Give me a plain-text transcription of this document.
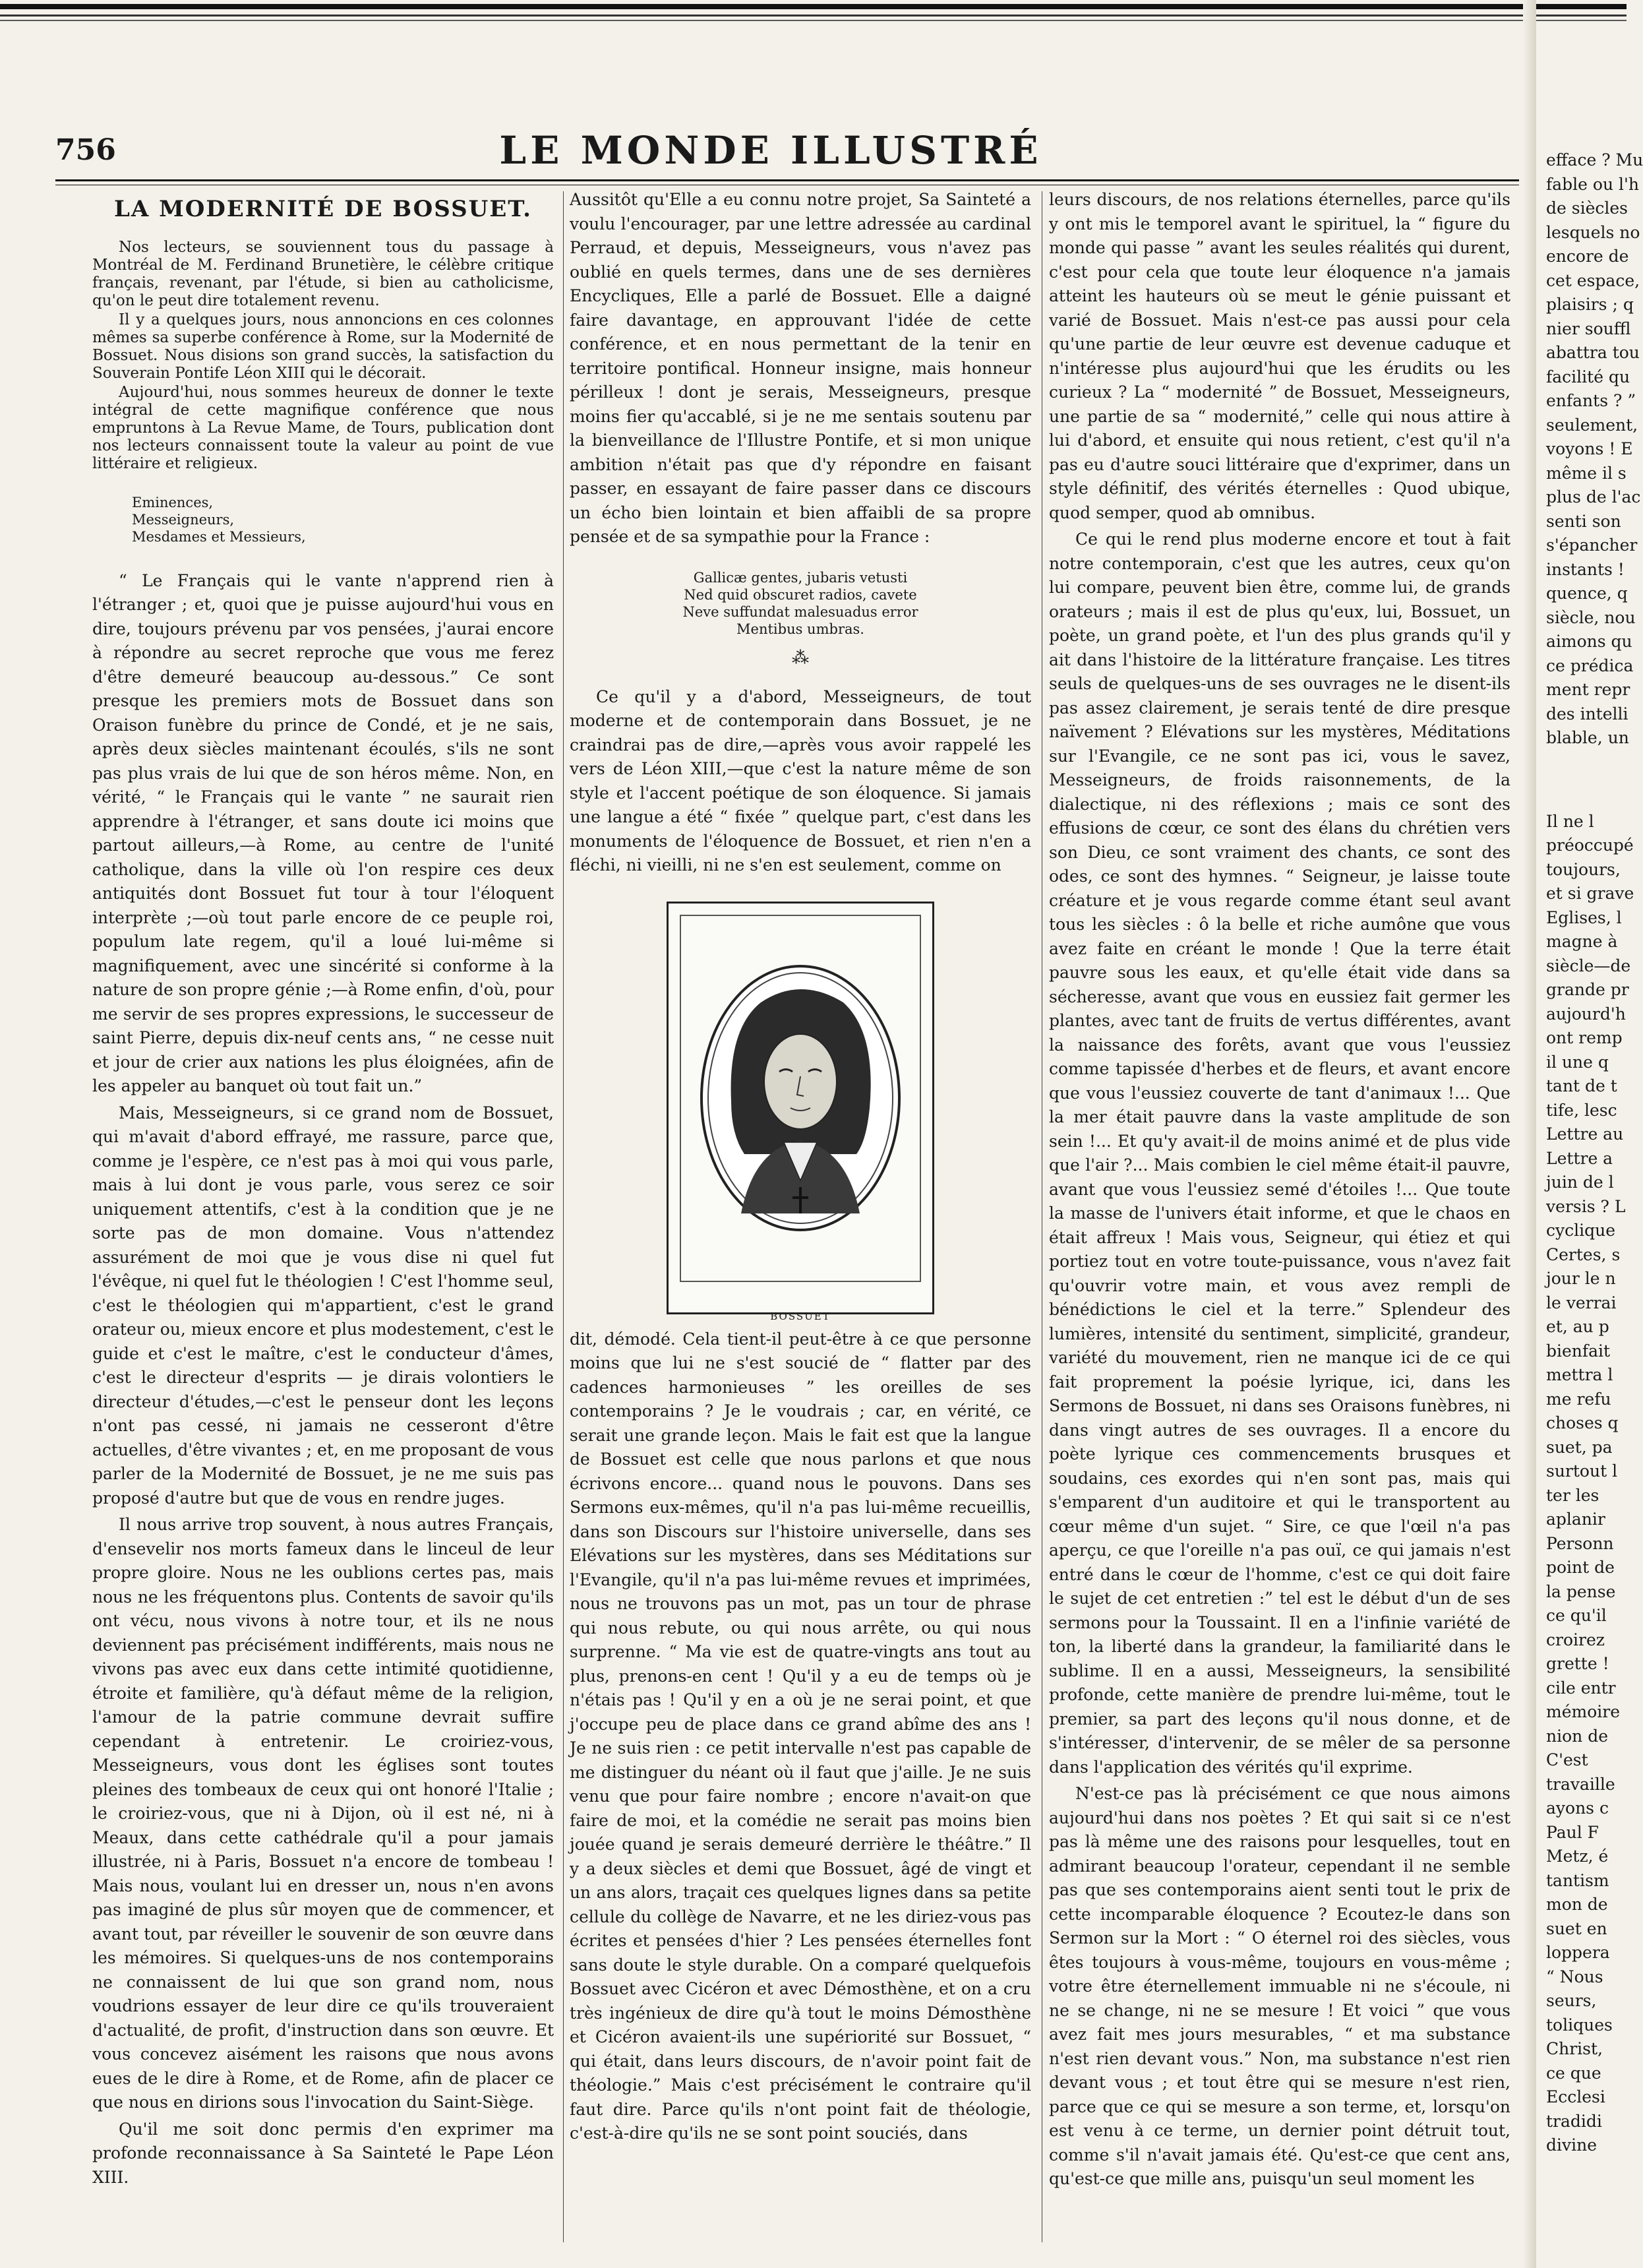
756	LE MONDE ILLUSTRÉ
LA MODERNITÉ DE BOSSUET.

Nos lecteurs, se souviennent tous du passage à Montréal de M. Ferdinand Brunetière, le célèbre critique français, revenant, par l'étude, si bien au catholicisme, qu'on le peut dire totalement revenu.

Il y a quelques jours, nous annoncions en ces colonnes mêmes sa superbe conférence à Rome, sur la Modernité de Bossuet. Nous disions son grand succès, la satisfaction du Souverain Pontife Léon XIII qui le décorait.

Aujourd'hui, nous sommes heureux de donner le texte intégral de cette magnifique conférence que nous empruntons à La Revue Mame, de Tours, publication dont nos lecteurs connaissent toute la valeur au point de vue littéraire et religieux.

Eminences,
Messeigneurs,
Mesdames et Messieurs,

“ Le Français qui le vante n'apprend rien à l'étranger ; et, quoi que je puisse aujourd'hui vous en dire, toujours prévenu par vos pensées, j'aurai encore à répondre au secret reproche que vous me ferez d'être demeuré beaucoup au-dessous.” Ce sont presque les premiers mots de Bossuet dans son Oraison funèbre du prince de Condé, et je ne sais, après deux siècles maintenant écoulés, s'ils ne sont pas plus vrais de lui que de son héros même. Non, en vérité, “ le Français qui le vante ” ne saurait rien apprendre à l'étranger, et sans doute ici moins que partout ailleurs,—à Rome, au centre de l'unité catholique, dans la ville où l'on respire ces deux antiquités dont Bossuet fut tour à tour l'éloquent interprète ;—où tout parle encore de ce peuple roi, populum late regem, qu'il a loué lui-même si magnifiquement, avec une sincérité si conforme à la nature de son propre génie ;—à Rome enfin, d'où, pour me servir de ses propres expressions, le successeur de saint Pierre, depuis dix-neuf cents ans, “ ne cesse nuit et jour de crier aux nations les plus éloignées, afin de les appeler au banquet où tout fait un.”

Mais, Messeigneurs, si ce grand nom de Bossuet, qui m'avait d'abord effrayé, me rassure, parce que, comme je l'espère, ce n'est pas à moi qui vous parle, mais à lui dont je vous parle, vous serez ce soir uniquement attentifs, c'est à la condition que je ne sorte pas de mon domaine. Vous n'attendez assurément de moi que je vous dise ni quel fut l'évêque, ni quel fut le théologien ! C'est l'homme seul, c'est le théologien qui m'appartient, c'est le grand orateur ou, mieux encore et plus modestement, c'est le guide et c'est le maître, c'est le conducteur d'âmes, c'est le directeur d'esprits — je dirais volontiers le directeur d'études,—c'est le penseur dont les leçons n'ont pas cessé, ni jamais ne cesseront d'être actuelles, d'être vivantes ; et, en me proposant de vous parler de la Modernité de Bossuet, je ne me suis pas proposé d'autre but que de vous en rendre juges.

Il nous arrive trop souvent, à nous autres Français, d'ensevelir nos morts fameux dans le linceul de leur propre gloire. Nous ne les oublions certes pas, mais nous ne les fréquentons plus. Contents de savoir qu'ils ont vécu, nous vivons à notre tour, et ils ne nous deviennent pas précisément indifférents, mais nous ne vivons pas avec eux dans cette intimité quotidienne, étroite et familière, qu'à défaut même de la religion, l'amour de la patrie commune devrait suffire cependant à entretenir. Le croiriez-vous, Messeigneurs, vous dont les églises sont toutes pleines des tombeaux de ceux qui ont honoré l'Italie ; le croiriez-vous, que ni à Dijon, où il est né, ni à Meaux, dans cette cathédrale qu'il a pour jamais illustrée, ni à Paris, Bossuet n'a encore de tombeau ! Mais nous, voulant lui en dresser un, nous n'en avons pas imaginé de plus sûr moyen que de commencer, et avant tout, par réveiller le souvenir de son œuvre dans les mémoires. Si quelques-uns de nos contemporains ne connaissent de lui que son grand nom, nous voudrions essayer de leur dire ce qu'ils trouveraient d'actualité, de profit, d'instruction dans son œuvre. Et vous concevez aisément les raisons que nous avons eues de le dire à Rome, et de Rome, afin de placer ce que nous en dirions sous l'invocation du Saint-Siège.

Qu'il me soit donc permis d'en exprimer ma profonde reconnaissance à Sa Sainteté le Pape Léon XIII.

Aussitôt qu'Elle a eu connu notre projet, Sa Sainteté a voulu l'encourager, par une lettre adressée au cardinal Perraud, et depuis, Messeigneurs, vous n'avez pas oublié en quels termes, dans une de ses dernières Encycliques, Elle a parlé de Bossuet. Elle a daigné faire davantage, en approuvant l'idée de cette conférence, et en nous permettant de la tenir en territoire pontifical. Honneur insigne, mais honneur périlleux ! dont je serais, Messeigneurs, presque moins fier qu'accablé, si je ne me sentais soutenu par la bienveillance de l'Illustre Pontife, et si mon unique ambition n'était pas que d'y répondre en faisant passer, en essayant de faire passer dans ce discours un écho bien lointain et bien affaibli de sa propre pensée et de sa sympathie pour la France :

Gallicæ gentes, jubaris vetusti
Ned quid obscuret radios, cavete
Neve suffundat malesuadus error
Mentibus umbras.
⁂

Ce qu'il y a d'abord, Messeigneurs, de tout moderne et de contemporain dans Bossuet, je ne craindrai pas de dire,—après vous avoir rappelé les vers de Léon XIII,—que c'est la nature même de son style et l'accent poétique de son éloquence. Si jamais une langue a été “ fixée ” quelque part, c'est dans les monuments de l'éloquence de Bossuet, et rien n'en a fléchi, ni vieilli, ni ne s'en est seulement, comme on

BOSSUET

dit, démodé. Cela tient-il peut-être à ce que personne moins que lui ne s'est soucié de “ flatter par des cadences harmonieuses ” les oreilles de ses contemporains ? Je le voudrais ; car, en vérité, ce serait une grande leçon. Mais le fait est que la langue de Bossuet est celle que nous parlons et que nous écrivons encore... quand nous le pouvons. Dans ses Sermons eux-mêmes, qu'il n'a pas lui-même recueillis, dans son Discours sur l'histoire universelle, dans ses Elévations sur les mystères, dans ses Méditations sur l'Evangile, qu'il n'a pas lui-même revues et imprimées, nous ne trouvons pas un mot, pas un tour de phrase qui nous rebute, ou qui nous arrête, ou qui nous surprenne. “ Ma vie est de quatre-vingts ans tout au plus, prenons-en cent ! Qu'il y a eu de temps où je n'étais pas ! Qu'il y en a où je ne serai point, et que j'occupe peu de place dans ce grand abîme des ans ! Je ne suis rien : ce petit intervalle n'est pas capable de me distinguer du néant où il faut que j'aille. Je ne suis venu que pour faire nombre ; encore n'avait-on que faire de moi, et la comédie ne serait pas moins bien jouée quand je serais demeuré derrière le théâtre.” Il y a deux siècles et demi que Bossuet, âgé de vingt et un ans alors, traçait ces quelques lignes dans sa petite cellule du collège de Navarre, et ne les diriez-vous pas écrites et pensées d'hier ? Les pensées éternelles font sans doute le style durable. On a comparé quelquefois Bossuet avec Cicéron et avec Démosthène, et on a cru très ingénieux de dire qu'à tout le moins Démosthène et Cicéron avaient-ils une supériorité sur Bossuet, “ qui était, dans leurs discours, de n'avoir point fait de théologie.” Mais c'est précisément le contraire qu'il faut dire. Parce qu'ils n'ont point fait de théologie, c'est-à-dire qu'ils ne se sont point souciés, dans

leurs discours, de nos relations éternelles, parce qu'ils y ont mis le temporel avant le spirituel, la “ figure du monde qui passe ” avant les seules réalités qui durent, c'est pour cela que toute leur éloquence n'a jamais atteint les hauteurs où se meut le génie puissant et varié de Bossuet. Mais n'est-ce pas aussi pour cela qu'une partie de leur œuvre est devenue caduque et n'intéresse plus aujourd'hui que les érudits ou les curieux ? La “ modernité ” de Bossuet, Messeigneurs, une partie de sa “ modernité,” celle qui nous attire à lui d'abord, et ensuite qui nous retient, c'est qu'il n'a pas eu d'autre souci littéraire que d'exprimer, dans un style définitif, des vérités éternelles : Quod ubique, quod semper, quod ab omnibus.

Ce qui le rend plus moderne encore et tout à fait notre contemporain, c'est que les autres, ceux qu'on lui compare, peuvent bien être, comme lui, de grands orateurs ; mais il est de plus qu'eux, lui, Bossuet, un poète, un grand poète, et l'un des plus grands qu'il y ait dans l'histoire de la littérature française. Les titres seuls de quelques-uns de ses ouvrages ne le disent-ils pas assez clairement, je serais tenté de dire presque naïvement ? Elévations sur les mystères, Méditations sur l'Evangile, ce ne sont pas ici, vous le savez, Messeigneurs, de froids raisonnements, de la dialectique, ni des réflexions ; mais ce sont des effusions de cœur, ce sont des élans du chrétien vers son Dieu, ce sont vraiment des chants, ce sont des odes, ce sont des hymnes. “ Seigneur, je laisse toute créature et je vous regarde comme étant seul avant tous les siècles : ô la belle et riche aumône que vous avez faite en créant le monde ! Que la terre était pauvre sous les eaux, et qu'elle était vide dans sa sécheresse, avant que vous en eussiez fait germer les plantes, avec tant de fruits de vertus différentes, avant la naissance des forêts, avant que vous l'eussiez comme tapissée d'herbes et de fleurs, et avant encore que vous l'eussiez couverte de tant d'animaux !... Que la mer était pauvre dans la vaste amplitude de son sein !... Et qu'y avait-il de moins animé et de plus vide que l'air ?... Mais combien le ciel même était-il pauvre, avant que vous l'eussiez semé d'étoiles !... Que toute la masse de l'univers était informe, et que le chaos en était affreux ! Mais vous, Seigneur, qui étiez et qui portiez tout en votre toute-puissance, vous n'avez fait qu'ouvrir votre main, et vous avez rempli de bénédictions le ciel et la terre.” Splendeur des lumières, intensité du sentiment, simplicité, grandeur, variété du mouvement, rien ne manque ici de ce qui fait proprement la poésie lyrique, ici, dans les Sermons de Bossuet, ni dans ses Oraisons funèbres, ni dans vingt autres de ses ouvrages. Il a encore du poète lyrique ces commencements brusques et soudains, ces exordes qui n'en sont pas, mais qui s'emparent d'un auditoire et qui le transportent au cœur même d'un sujet. “ Sire, ce que l'œil n'a pas aperçu, ce que l'oreille n'a pas ouï, ce qui jamais n'est entré dans le cœur de l'homme, c'est ce qui doit faire le sujet de cet entretien :” tel est le début d'un de ses sermons pour la Toussaint. Il en a l'infinie variété de ton, la liberté dans la grandeur, la familiarité dans le sublime. Il en a aussi, Messeigneurs, la sensibilité profonde, cette manière de prendre lui-même, tout le premier, sa part des leçons qu'il nous donne, et de s'intéresser, d'intervenir, de se mêler de sa personne dans l'application des vérités qu'il exprime.

N'est-ce pas là précisément ce que nous aimons aujourd'hui dans nos poètes ? Et qui sait si ce n'est pas là même une des raisons pour lesquelles, tout en admirant beaucoup l'orateur, cependant il ne semble pas que ses contemporains aient senti tout le prix de cette incomparable éloquence ? Ecoutez-le dans son Sermon sur la Mort : “ O éternel roi des siècles, vous êtes toujours à vous-même, toujours en vous-même ; votre être éternellement immuable ni ne s'écoule, ni ne se change, ni ne se mesure ! Et voici ” que vous avez fait mes jours mesurables, “ et ma substance n'est rien devant vous.” Non, ma substance n'est rien devant vous ; et tout être qui se mesure n'est rien, parce que ce qui se mesure a son terme, et, lorsqu'on est venu à ce terme, un dernier point détruit tout, comme s'il n'avait jamais été. Qu'est-ce que cent ans, qu'est-ce que mille ans, puisqu'un seul moment les

efface ? Mu
fable ou l'h
de siècles
lesquels no
encore de
cet espace,
plaisirs ; q
nier souffl
abattra tou
facilité qu
enfants ? ”
seulement,
voyons ! E
même il s
plus de l'ac
senti son
s'épancher
instants !
quence, q
siècle, nou
aimons qu
ce prédica
ment repr
des intelli
blable, un
Il ne l
préoccupé
toujours,
et si grave
Eglises, l
magne à
siècle—de
grande pr
aujourd'h
ont remp
il une q
tant de t
tife, lesc
Lettre au
Lettre a
juin de l
versis ? L
cyclique
Certes, s
jour le n
le verrai
et, au p
bienfait
mettra l
me refu
choses q
suet, pa
surtout l
ter les
aplanir
Personn
point de
la pense
ce qu'il
croirez
grette !
cile entr
mémoire
nion de
C'est
travaille
ayons c
Paul F
Metz, é
tantism
mon de
suet en
loppera
“ Nous
seurs,
toliques
Christ,
ce que
Ecclesi
tradidi
divine
